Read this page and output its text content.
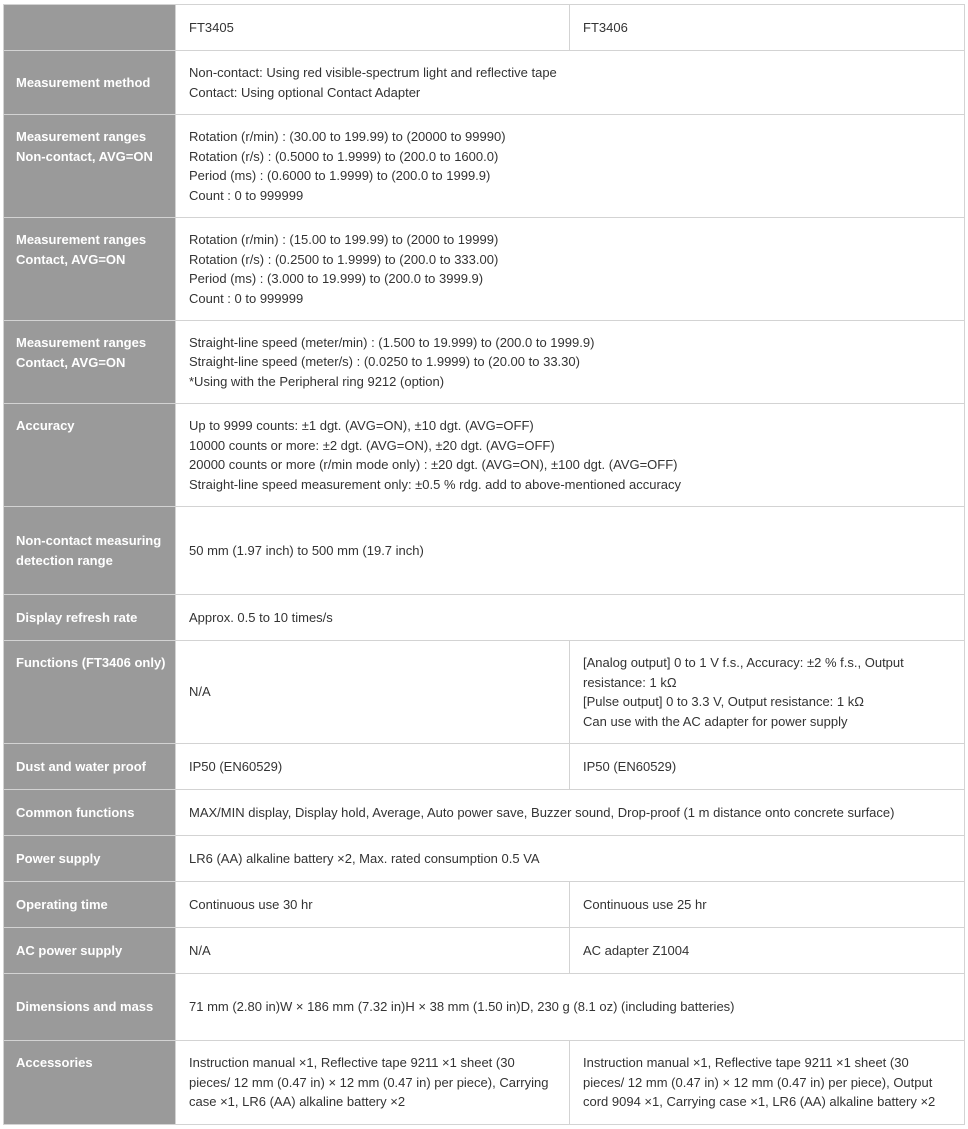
	FT3405	FT3406
Measurement method	Non-contact: Using red visible-spectrum light and reflective tape
Contact: Using optional Contact Adapter	

Measurement ranges Non-contact, AVG=ON	Rotation (r/min) : (30.00 to 199.99) to (20000 to 99990)
Rotation (r/s) : (0.5000 to 1.9999) to (200.0 to 1600.0)
Period (ms) : (0.6000 to 1.9999) to (200.0 to 1999.9)
Count : 0 to 999999	

Measurement ranges Contact, AVG=ON	Rotation (r/min) : (15.00 to 199.99) to (2000 to 19999)
Rotation (r/s) : (0.2500 to 1.9999) to (200.0 to 333.00)
Period (ms) : (3.000 to 19.999) to (200.0 to 3999.9)
Count : 0 to 999999	

Measurement ranges Contact, AVG=ON	Straight-line speed (meter/min) : (1.500 to 19.999) to (200.0 to 1999.9)
Straight-line speed (meter/s) : (0.0250 to 1.9999) to (20.00 to 33.30)
*Using with the Peripheral ring 9212 (option)	

Accuracy	Up to 9999 counts: ±1 dgt. (AVG=ON), ±10 dgt. (AVG=OFF)
10000 counts or more: ±2 dgt. (AVG=ON), ±20 dgt. (AVG=OFF)
20000 counts or more (r/min mode only) : ±20 dgt. (AVG=ON), ±100 dgt. (AVG=OFF)
Straight-line speed measurement only: ±0.5 % rdg. add to above-mentioned accuracy	

Non-contact measuring detection range	50 mm (1.97 inch) to 500 mm (19.7 inch)	

Display refresh rate	Approx. 0.5 to 10 times/s	

Functions (FT3406 only)	N/A	[Analog output] 0 to 1 V f.s., Accuracy: ±2 % f.s., Output resistance: 1 kΩ
[Pulse output] 0 to 3.3 V, Output resistance: 1 kΩ
Can use with the AC adapter for power supply

Dust and water proof	IP50 (EN60529)	IP50 (EN60529)
Common functions	MAX/MIN display, Display hold, Average, Auto power save, Buzzer sound, Drop-proof (1 m distance onto concrete surface)	

Power supply	LR6 (AA) alkaline battery ×2, Max. rated consumption 0.5 VA	

Operating time	Continuous use 30 hr	Continuous use 25 hr
AC power supply	N/A	AC adapter Z1004
Dimensions and mass	71 mm (2.80 in)W × 186 mm (7.32 in)H × 38 mm (1.50 in)D, 230 g (8.1 oz) (including batteries)	

Accessories	Instruction manual ×1, Reflective tape 9211 ×1 sheet (30 pieces/ 12 mm (0.47 in) × 12 mm (0.47 in) per piece), Carrying case ×1, LR6 (AA) alkaline battery ×2	Instruction manual ×1, Reflective tape 9211 ×1 sheet (30 pieces/ 12 mm (0.47 in) × 12 mm (0.47 in) per piece), Output cord 9094 ×1, Carrying case ×1, LR6 (AA) alkaline battery ×2
